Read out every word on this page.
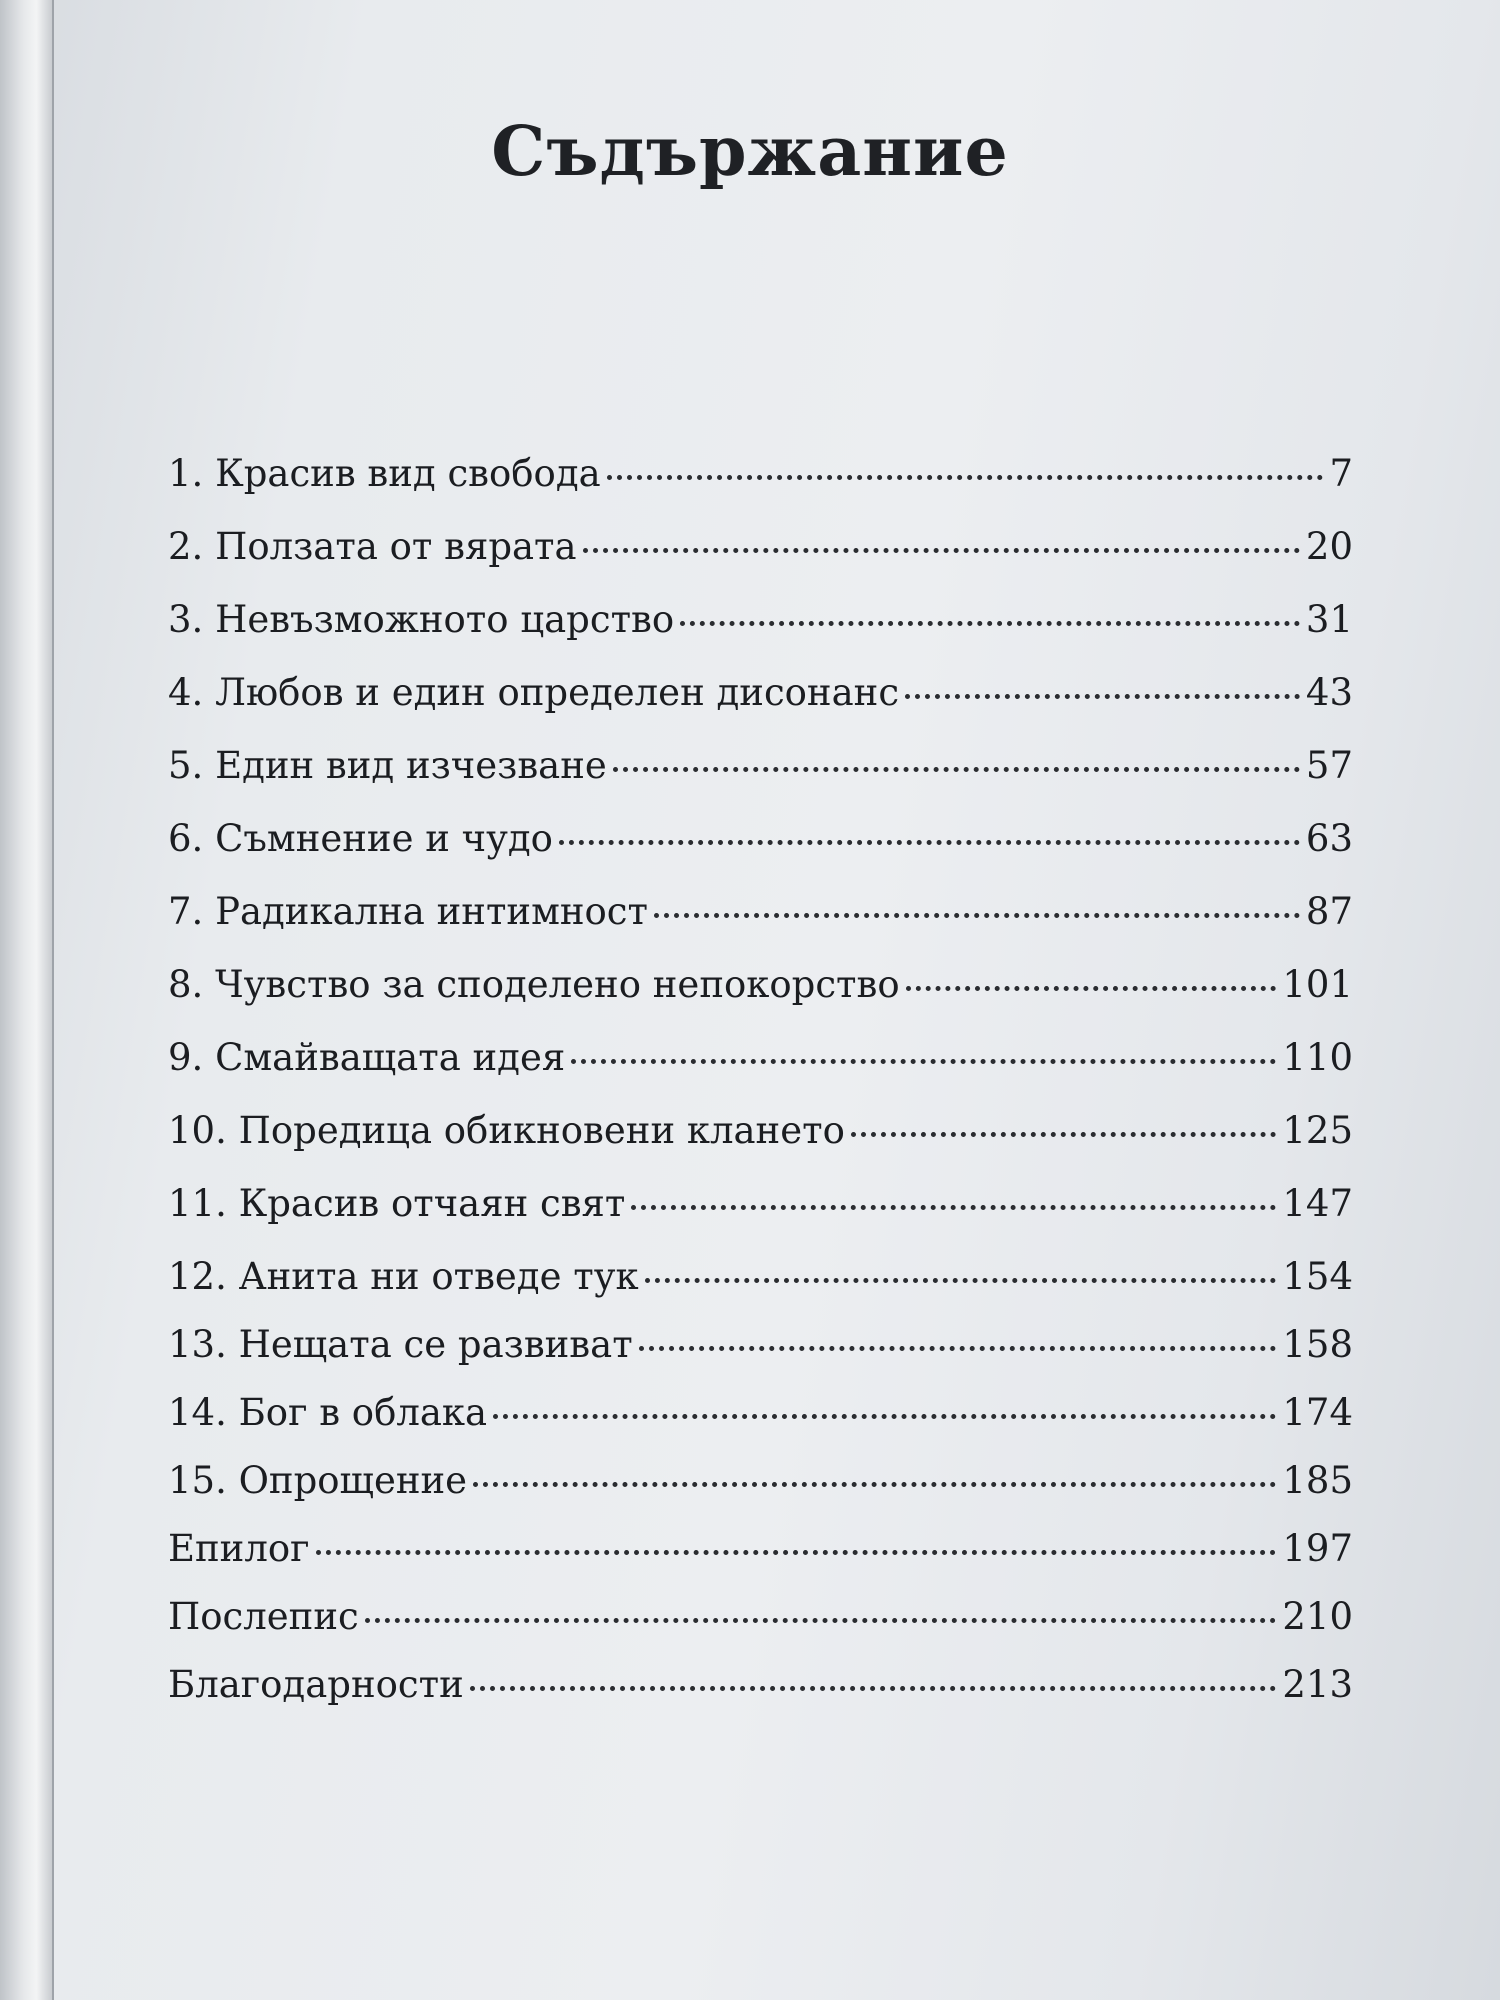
Съдържание
1. Красив вид свобода	7
2. Ползата от вярата	20
3. Невъзможното царство	31
4. Любов и един определен дисонанс	43
5. Един вид изчезване	57
6. Съмнение и чудо	63
7. Радикална интимност	87
8. Чувство за споделено непокорство	101
9. Смайващата идея	110
10. Поредица обикновени клането	125
11. Красив отчаян свят	147
12. Анита ни отведе тук	154
13. Нещата се развиват	158
14. Бог в облака	174
15. Опрощение	185
Епилог	197
Послепис	210
Благодарности	213
